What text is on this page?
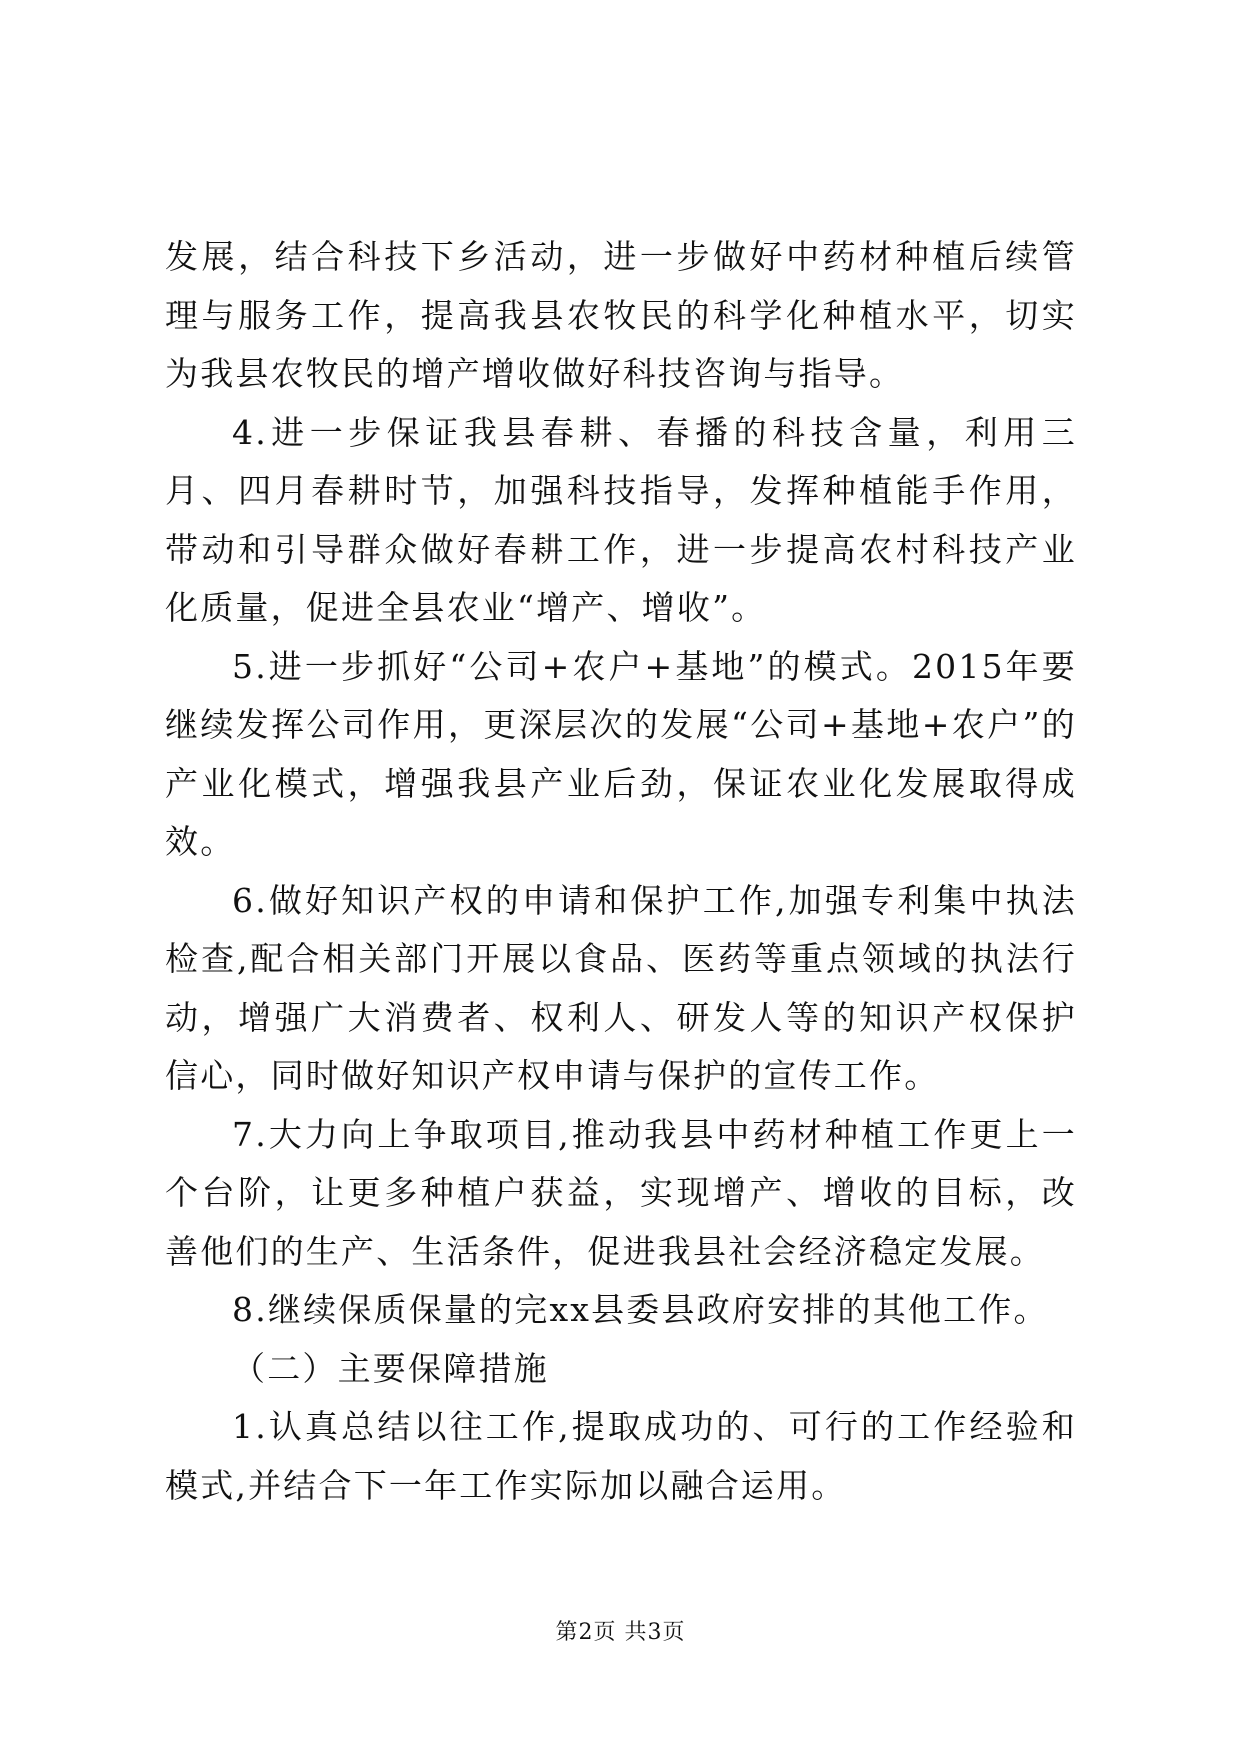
发展，结合科技下乡活动，进一步做好中药材种植后续管理与服务工作，提高我县农牧民的科学化种植水平，切实为我县农牧民的增产增收做好科技咨询与指导。

4.进一步保证我县春耕、春播的科技含量，利用三月、四月春耕时节，加强科技指导，发挥种植能手作用，带动和引导群众做好春耕工作，进一步提高农村科技产业化质量，促进全县农业“增产、增收”。

5.进一步抓好“公司+农户+基地”的模式。2015年要继续发挥公司作用，更深层次的发展“公司+基地+农户”的产业化模式，增强我县产业后劲，保证农业化发展取得成效。

6.做好知识产权的申请和保护工作,加强专利集中执法检查,配合相关部门开展以食品、医药等重点领域的执法行动，增强广大消费者、权利人、研发人等的知识产权保护信心，同时做好知识产权申请与保护的宣传工作。

7.大力向上争取项目,推动我县中药材种植工作更上一个台阶，让更多种植户获益，实现增产、增收的目标，改善他们的生产、生活条件，促进我县社会经济稳定发展。

8.继续保质保量的完xx县委县政府安排的其他工作。

（二）主要保障措施

1.认真总结以往工作,提取成功的、可行的工作经验和模式,并结合下一年工作实际加以融合运用。

第2页 共3页
